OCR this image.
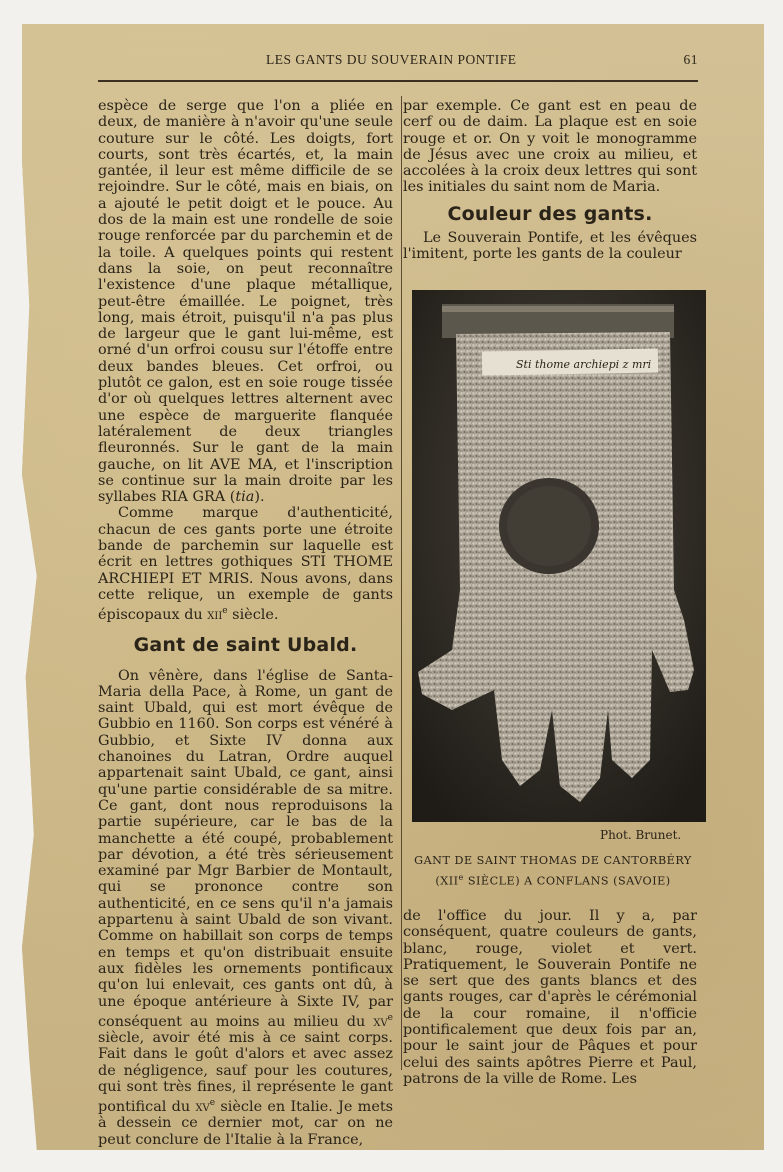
LES GANTS DU SOUVERAIN PONTIFE	61

espèce de serge que l'on a pliée en deux, de manière à n'avoir qu'une seule couture sur le côté. Les doigts, fort courts, sont très écartés, et, la main gantée, il leur est même difficile de se rejoindre. Sur le côté, mais en biais, on a ajouté le petit doigt et le pouce. Au dos de la main est une rondelle de soie rouge renforcée par du parchemin et de la toile. A quelques points qui restent dans la soie, on peut reconnaître l'existence d'une plaque métallique, peut-être émaillée. Le poignet, très long, mais étroit, puisqu'il n'a pas plus de largeur que le gant lui-même, est orné d'un orfroi cousu sur l'étoffe entre deux bandes bleues. Cet orfroi, ou plutôt ce galon, est en soie rouge tissée d'or où quelques lettres alternent avec une espèce de marguerite flanquée latéralement de deux triangles fleuronnés. Sur le gant de la main gauche, on lit AVE MA, et l'inscription se continue sur la main droite par les syllabes RIA GRA (tia).

Comme marque d'authenticité, chacun de ces gants porte une étroite bande de parchemin sur laquelle est écrit en lettres gothiques STI THOME ARCHIEPI ET MRIS. Nous avons, dans cette relique, un exemple de gants épiscopaux du xii$^e$ siècle.

Gant de saint Ubald.

On vênère, dans l'église de Santa-Maria della Pace, à Rome, un gant de saint Ubald, qui est mort évêque de Gubbio en 1160. Son corps est vénéré à Gubbio, et Sixte IV donna aux chanoines du Latran, Ordre auquel appartenait saint Ubald, ce gant, ainsi qu'une partie considérable de sa mitre. Ce gant, dont nous reproduisons la partie supérieure, car le bas de la manchette a été coupé, probablement par dévotion, a été très sérieusement examiné par Mgr Barbier de Montault, qui se prononce contre son authenticité, en ce sens qu'il n'a jamais appartenu à saint Ubald de son vivant. Comme on habillait son corps de temps en temps et qu'on distribuait ensuite aux fidèles les ornements pontificaux qu'on lui enlevait, ces gants ont dû, à une époque antérieure à Sixte IV, par conséquent au moins au milieu du $xv^e$ siècle, avoir été mis à ce saint corps. Fait dans le goût d'alors et avec assez de négligence, sauf pour les coutures, qui sont très fines, il représente le gant pontifical du $xv^e$ siècle en Italie. Je mets à dessein ce dernier mot, car on ne peut conclure de l'Italie à la France,

par exemple. Ce gant est en peau de cerf ou de daim. La plaque est en soie rouge et or. On y voit le monogramme de Jésus avec une croix au milieu, et accolées à la croix deux lettres qui sont les initiales du saint nom de Maria.

Couleur des gants.

Le Souverain Pontife, et les évêques l'imitent, porte les gants de la couleur

Sti thome archiepi z mri
Phot. Brunet.
GANT DE SAINT THOMAS DE CANTORBÉRY
(XIIe SIÈCLE) A CONFLANS (SAVOIE)

de l'office du jour. Il y a, par conséquent, quatre couleurs de gants, blanc, rouge, violet et vert. Pratiquement, le Souverain Pontife ne se sert que des gants blancs et des gants rouges, car d'après le cérémonial de la cour romaine, il n'officie pontificalement que deux fois par an, pour le saint jour de Pâques et pour celui des saints apôtres Pierre et Paul, patrons de la ville de Rome. Les
